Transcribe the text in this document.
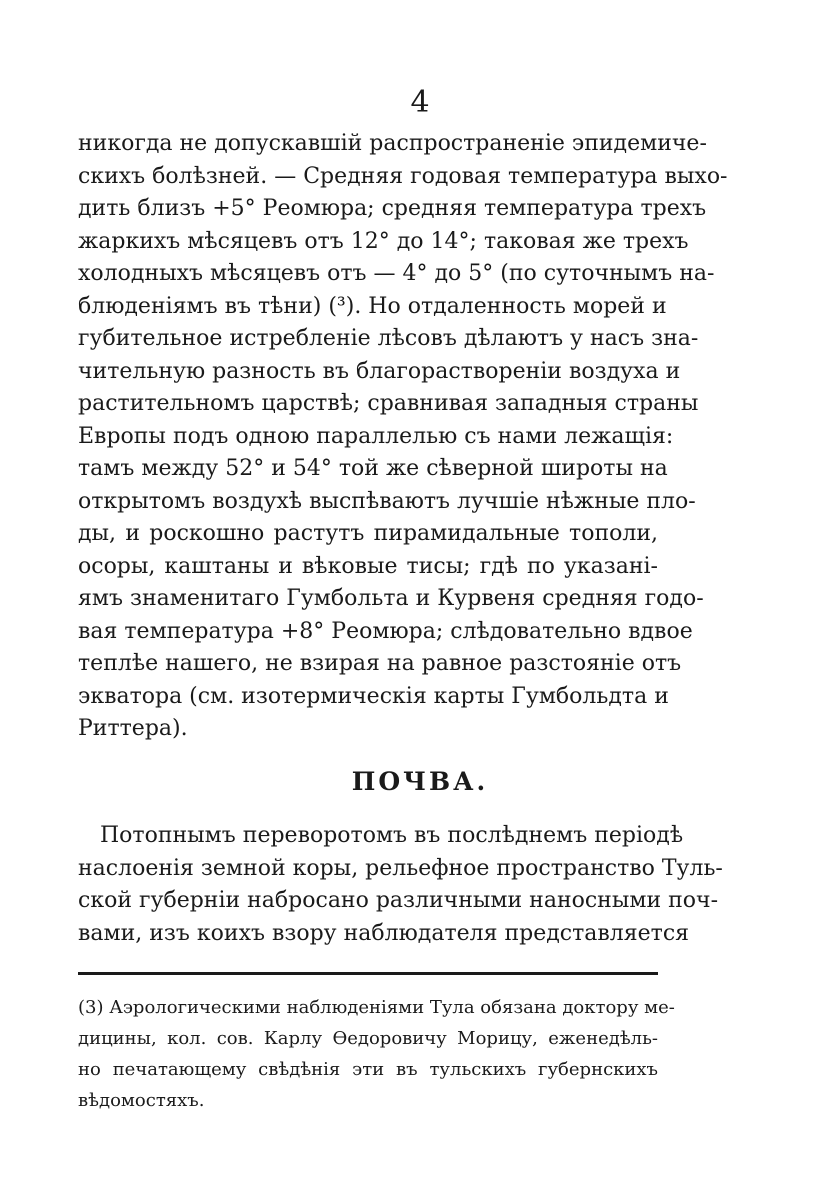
4
никогда не допускавшій распространеніе эпидемиче-
скихъ болѣзней. — Средняя годовая температура выхо-
дить близъ +5° Реомюра; средняя температура трехъ
жаркихъ мѣсяцевъ отъ 12° до 14°; таковая же трехъ
холодныхъ мѣсяцевъ отъ — 4° до 5° (по суточнымъ на-
блюденіямъ въ тѣни) (³). Но отдаленность морей и
губительное истребленіе лѣсовъ дѣлаютъ у насъ зна-
чительную разность въ благорастворенiи воздуха и
растительномъ царствѣ; сравнивая западныя страны
Европы подъ одною параллелью съ нами лежащія:
тамъ между 52° и 54° той же сѣверной широты на
открытомъ воздухѣ выспѣваютъ лучшіе нѣжные пло-
ды, и роскошно растутъ пирамидальные тополи,
осоры, каштаны и вѣковые тисы; гдѣ по указані-
ямъ знаменитаго Гумбольта и Курвеня средняя годо-
вая температура +8° Реомюра; слѣдовательно вдвое
теплѣе нашего, не взирая на равное разстояніе отъ
экватора (см. изотермическія карты Гумбольдта и
Риттера).
ПОЧВА.
Потопнымъ переворотомъ въ послѣднемъ періодѣ
наслоенія земной коры, рельефное пространство Туль-
ской губерніи набросано различными наносными поч-
вами, изъ коихъ взору наблюдателя представляется
(3) Аэрологическими наблюденіями Тула обязана доктору ме-
дицины, кол. сов. Карлу Ѳедоровичу Морицу, еженедѣль-
но печатающему свѣдѣнія эти въ тульскихъ губернскихъ
вѣдомостяхъ.
